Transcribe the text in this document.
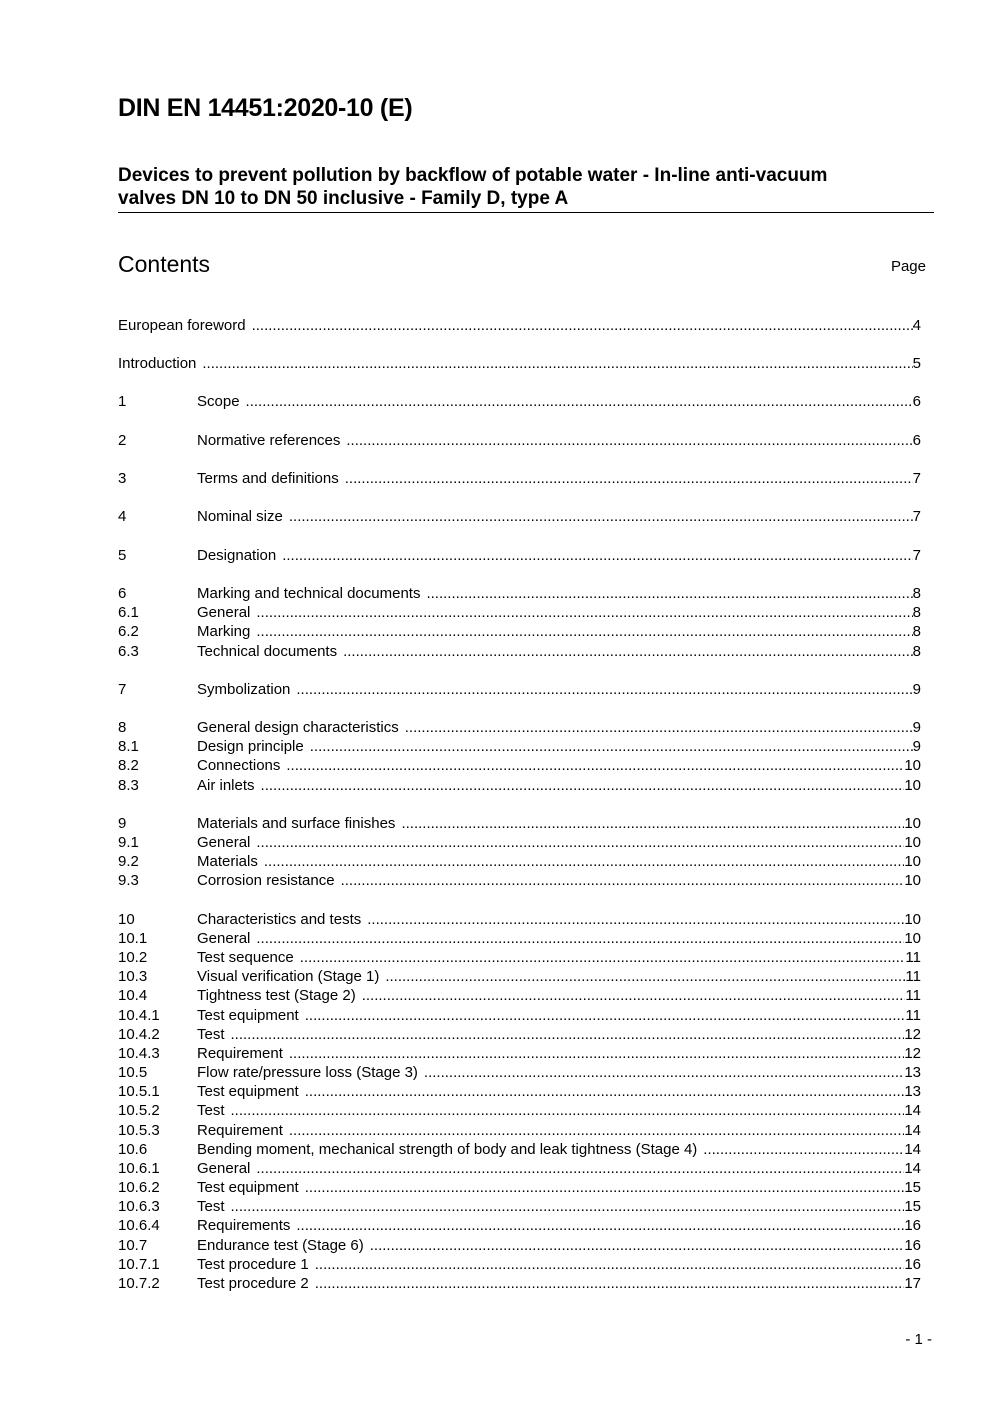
DIN EN 14451:2020-10 (E)
Devices to prevent pollution by backflow of potable water - In-line anti-vacuum
valves DN 10 to DN 50 inclusive - Family D, type A
Contents	Page
European foreword .....	4
Introduction .....	5
1	Scope .....	6
2	Normative references .....	6
3	Terms and definitions .....	7
4	Nominal size .....	7
5	Designation .....	7
6	Marking and technical documents .....	8
6.1	General .....	8
6.2	Marking .....	8
6.3	Technical documents .....	8
7	Symbolization .....	9
8	General design characteristics .....	9
8.1	Design principle .....	9
8.2	Connections .....	10
8.3	Air inlets .....	10
9	Materials and surface finishes .....	10
9.1	General .....	10
9.2	Materials .....	10
9.3	Corrosion resistance .....	10
10	Characteristics and tests .....	10
10.1	General .....	10
10.2	Test sequence .....	11
10.3	Visual verification (Stage 1) .....	11
10.4	Tightness test (Stage 2) .....	11
10.4.1	Test equipment .....	11
10.4.2	Test .....	12
10.4.3	Requirement .....	12
10.5	Flow rate/pressure loss (Stage 3) .....	13
10.5.1	Test equipment .....	13
10.5.2	Test .....	14
10.5.3	Requirement .....	14
10.6	Bending moment, mechanical strength of body and leak tightness (Stage 4) .....	14
10.6.1	General .....	14
10.6.2	Test equipment .....	15
10.6.3	Test .....	15
10.6.4	Requirements .....	16
10.7	Endurance test (Stage 6) .....	16
10.7.1	Test procedure 1 .....	16
10.7.2	Test procedure 2 .....	17
- 1 -
